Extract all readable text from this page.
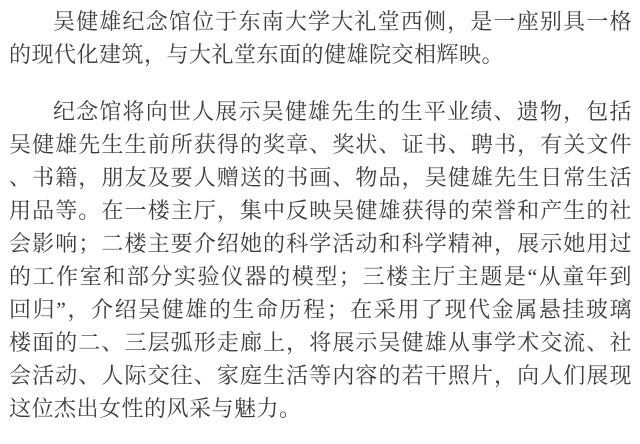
吴健雄纪念馆位于东南大学大礼堂西侧，是一座别具一格
的现代化建筑，与大礼堂东面的健雄院交相辉映。
纪念馆将向世人展示吴健雄先生的生平业绩、遗物，包括
吴健雄先生生前所获得的奖章、奖状、证书、聘书，有关文件
、书籍，朋友及要人赠送的书画、物品，吴健雄先生日常生活
用品等。在一楼主厅，集中反映吴健雄获得的荣誉和产生的社
会影响；二楼主要介绍她的科学活动和科学精神，展示她用过
的工作室和部分实验仪器的模型；三楼主厅主题是“从童年到
回归”，介绍吴健雄的生命历程；在采用了现代金属悬挂玻璃
楼面的二、三层弧形走廊上，将展示吴健雄从事学术交流、社
会活动、人际交往、家庭生活等内容的若干照片，向人们展现
这位杰出女性的风采与魅力。
